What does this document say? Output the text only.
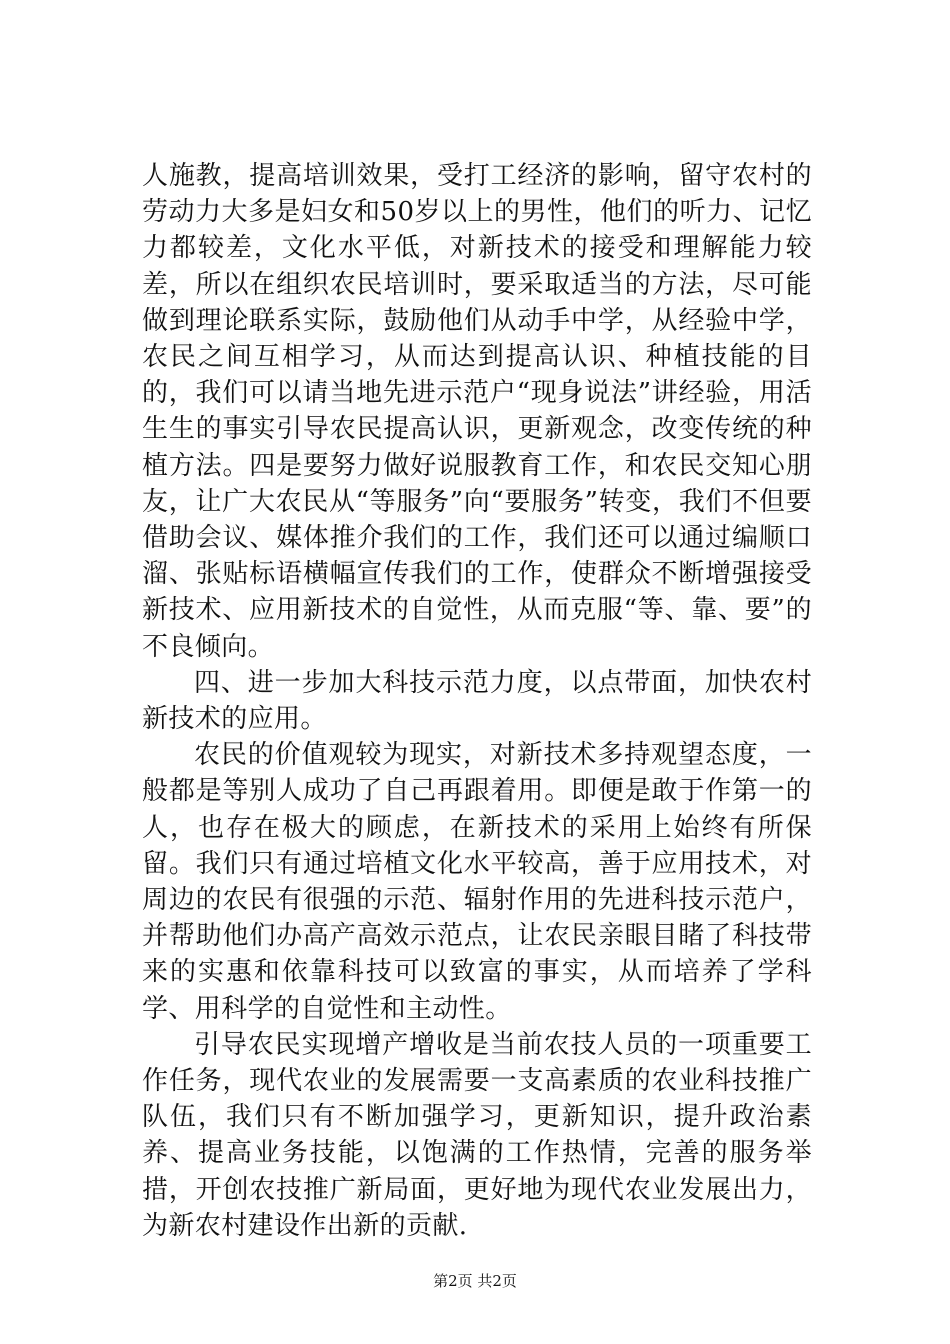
人施教，提高培训效果，受打工经济的影响，留守农村的劳动力大多是妇女和50岁以上的男性，他们的听力、记忆力都较差，文化水平低，对新技术的接受和理解能力较差，所以在组织农民培训时，要采取适当的方法，尽可能做到理论联系实际，鼓励他们从动手中学，从经验中学，农民之间互相学习，从而达到提高认识、种植技能的目的，我们可以请当地先进示范户“现身说法”讲经验，用活生生的事实引导农民提高认识，更新观念，改变传统的种植方法。四是要努力做好说服教育工作，和农民交知心朋友，让广大农民从“等服务”向“要服务”转变，我们不但要借助会议、媒体推介我们的工作，我们还可以通过编顺口溜、张贴标语横幅宣传我们的工作，使群众不断增强接受新技术、应用新技术的自觉性，从而克服“等、靠、要”的不良倾向。

四、进一步加大科技示范力度，以点带面，加快农村新技术的应用。

农民的价值观较为现实，对新技术多持观望态度，一般都是等别人成功了自己再跟着用。即便是敢于作第一的人，也存在极大的顾虑，在新技术的采用上始终有所保留。我们只有通过培植文化水平较高，善于应用技术，对周边的农民有很强的示范、辐射作用的先进科技示范户，并帮助他们办高产高效示范点，让农民亲眼目睹了科技带来的实惠和依靠科技可以致富的事实，从而培养了学科学、用科学的自觉性和主动性。

引导农民实现增产增收是当前农技人员的一项重要工作任务，现代农业的发展需要一支高素质的农业科技推广队伍，我们只有不断加强学习，更新知识，提升政治素养、提高业务技能，以饱满的工作热情，完善的服务举措，开创农技推广新局面，更好地为现代农业发展出力，为新农村建设作出新的贡献.

第2页 共2页
